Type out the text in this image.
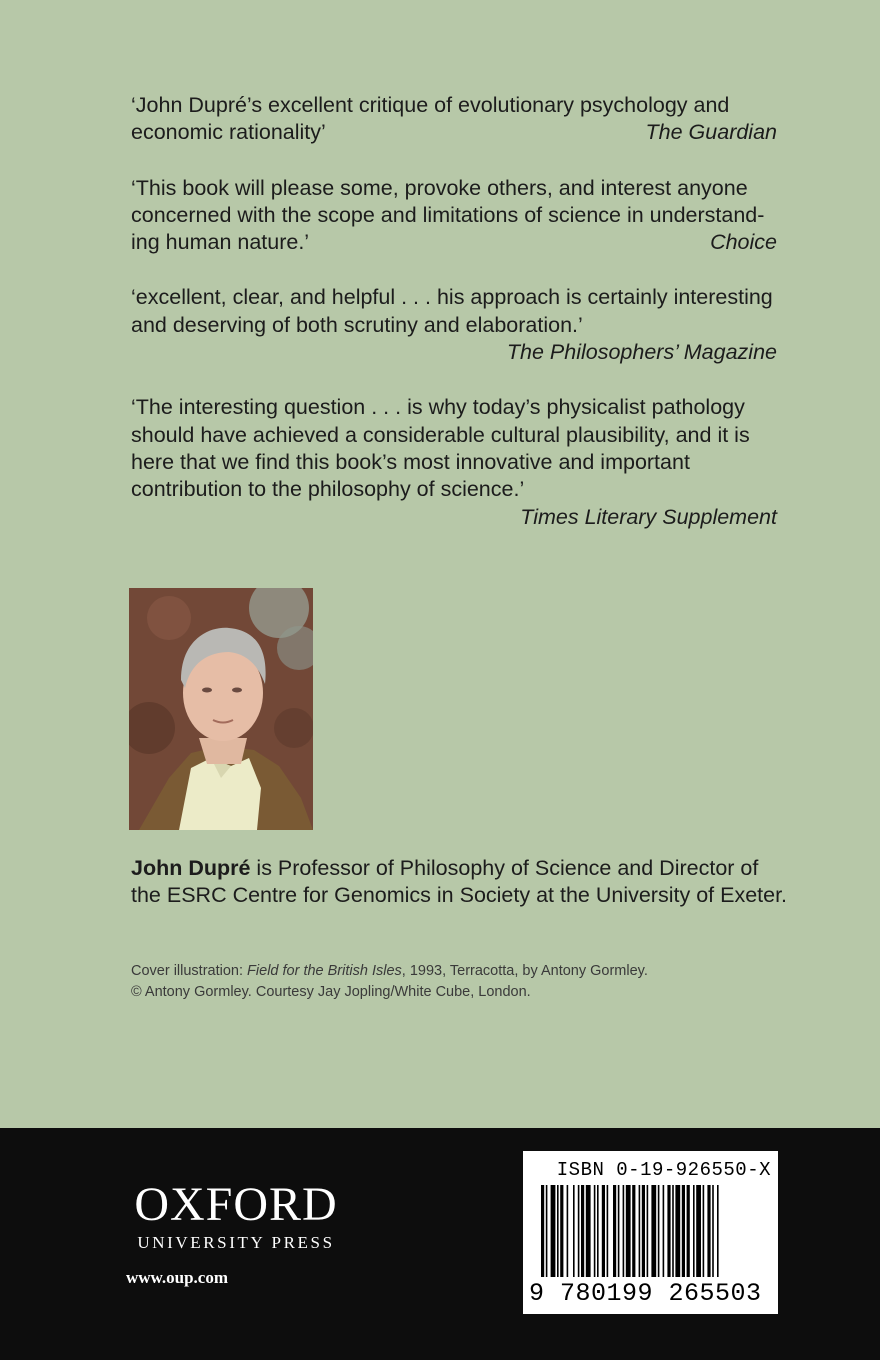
‘John Dupré’s excellent critique of evolutionary psychology and economic rationality’	The Guardian

‘This book will please some, provoke others, and interest anyone concerned with the scope and limitations of science in understanding human nature.’	Choice

‘excellent, clear, and helpful . . . his approach is certainly interesting and deserving of both scrutiny and elaboration.’

The Philosophers’ Magazine

‘The interesting question . . . is why today’s physicalist pathology should have achieved a considerable cultural plausibility, and it is here that we find this book’s most innovative and important contribution to the philosophy of science.’

Times Literary Supplement

John Dupré is Professor of Philosophy of Science and Director of the ESRC Centre for Genomics in Society at the University of Exeter.

Cover illustration: Field for the British Isles, 1993, Terracotta, by Antony Gormley.
© Antony Gormley. Courtesy Jay Jopling/White Cube, London.

OXFORD

UNIVERSITY PRESS

www.oup.com
ISBN 0-19-926550-X
9 780199 265503
